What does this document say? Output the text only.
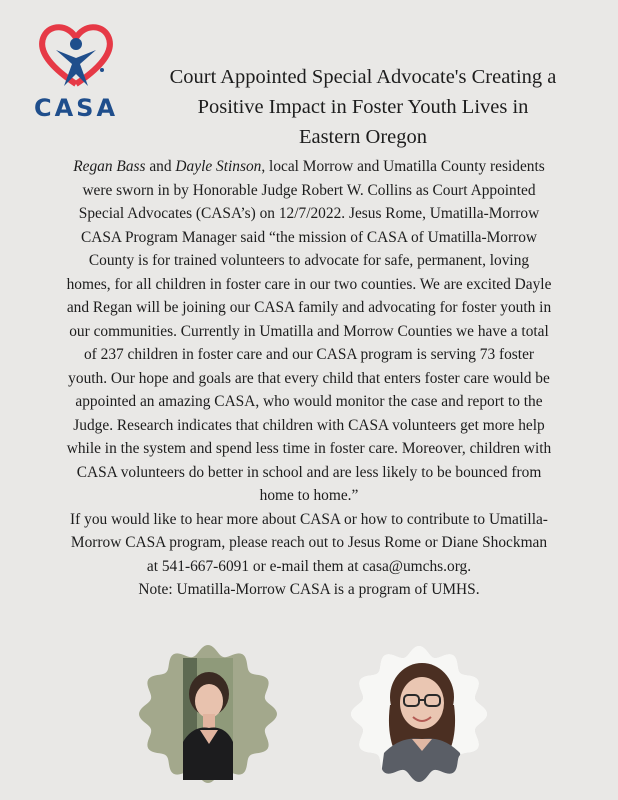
CASA
Court Appointed Special Advocate's Creating a
Positive Impact in Foster Youth Lives in
Eastern Oregon
Regan Bass and Dayle Stinson, local Morrow and Umatilla County residents
were sworn in by Honorable Judge Robert W. Collins as Court Appointed
Special Advocates (CASA’s) on 12/7/2022. Jesus Rome, Umatilla-Morrow
CASA Program Manager said “the mission of CASA of Umatilla-Morrow
County is for trained volunteers to advocate for safe, permanent, loving
homes, for all children in foster care in our two counties. We are excited Dayle
and Regan will be joining our CASA family and advocating for foster youth in
our communities. Currently in Umatilla and Morrow Counties we have a total
of 237 children in foster care and our CASA program is serving 73 foster
youth. Our hope and goals are that every child that enters foster care would be
appointed an amazing CASA, who would monitor the case and report to the
Judge. Research indicates that children with CASA volunteers get more help
while in the system and spend less time in foster care. Moreover, children with
CASA volunteers do better in school and are less likely to be bounced from
home to home.”
If you would like to hear more about CASA or how to contribute to Umatilla-
Morrow CASA program, please reach out to Jesus Rome or Diane Shockman
at 541-667-6091 or e-mail them at casa@umchs.org.
Note: Umatilla-Morrow CASA is a program of UMHS.
